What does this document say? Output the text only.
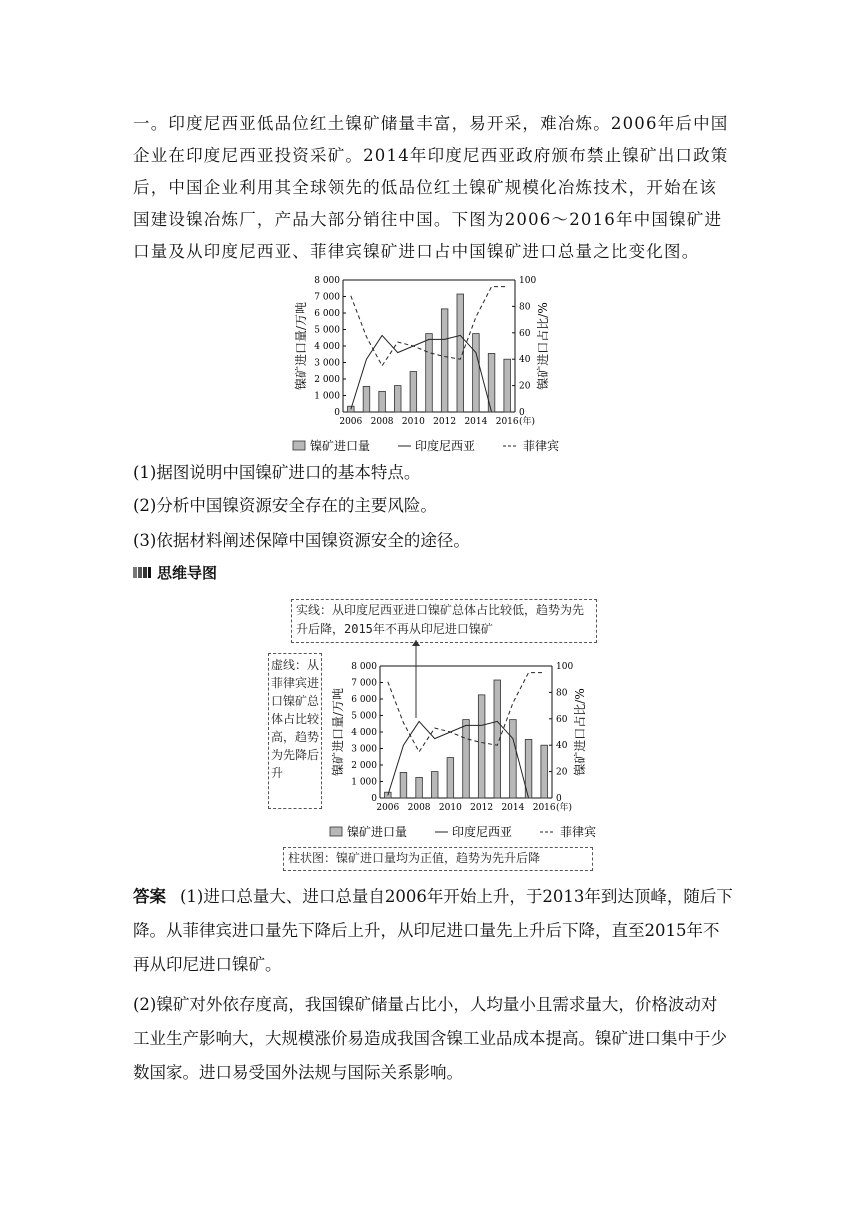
一。印度尼西亚低品位红土镍矿储量丰富，易开采，难冶炼。2006年后中国企业在印度尼西亚投资采矿。2014年印度尼西亚政府颁布禁止镍矿出口政策后，中国企业利用其全球领先的低品位红土镍矿规模化冶炼技术，开始在该国建设镍冶炼厂，产品大部分销往中国。下图为2006～2016年中国镍矿进口量及从印度尼西亚、菲律宾镍矿进口占中国镍矿进口总量之比变化图。

0
1 000
2 000
3 000
4 000
5 000
6 000
7 000
8 000
0
20
40
60
80
100
2006 2008 2010 2012 2014 2016 (年)
镍矿进口量/万吨	镍矿进口占比/%
镍矿进口量	印度尼西亚	菲律宾

(1)据图说明中国镍矿进口的基本特点。

(2)分析中国镍资源安全存在的主要风险。

(3)依据材料阐述保障中国镍资源安全的途径。

思维导图
实线：从印度尼西亚进口镍矿总体占比较低，趋势为先升后降，2015年不再从印尼进口镍矿
虚线：从菲律宾进口镍矿总体占比较高，趋势为先降后升
柱状图：镍矿进口量均为正值，趋势为先升后降
0
1 000
2 000
3 000
4 000
5 000
6 000
7 000
8 000
0
20
40
60
80
100
2006 2008 2010 2012 2014 2016 (年)
镍矿进口量/万吨	镍矿进口占比/%
镍矿进口量	印度尼西亚	菲律宾

答案 (1)进口总量大、进口总量自2006年开始上升，于2013年到达顶峰，随后下降。从菲律宾进口量先下降后上升，从印尼进口量先上升后下降，直至2015年不再从印尼进口镍矿。

(2)镍矿对外依存度高，我国镍矿储量占比小，人均量小且需求量大，价格波动对工业生产影响大，大规模涨价易造成我国含镍工业品成本提高。镍矿进口集中于少数国家。进口易受国外法规与国际关系影响。
